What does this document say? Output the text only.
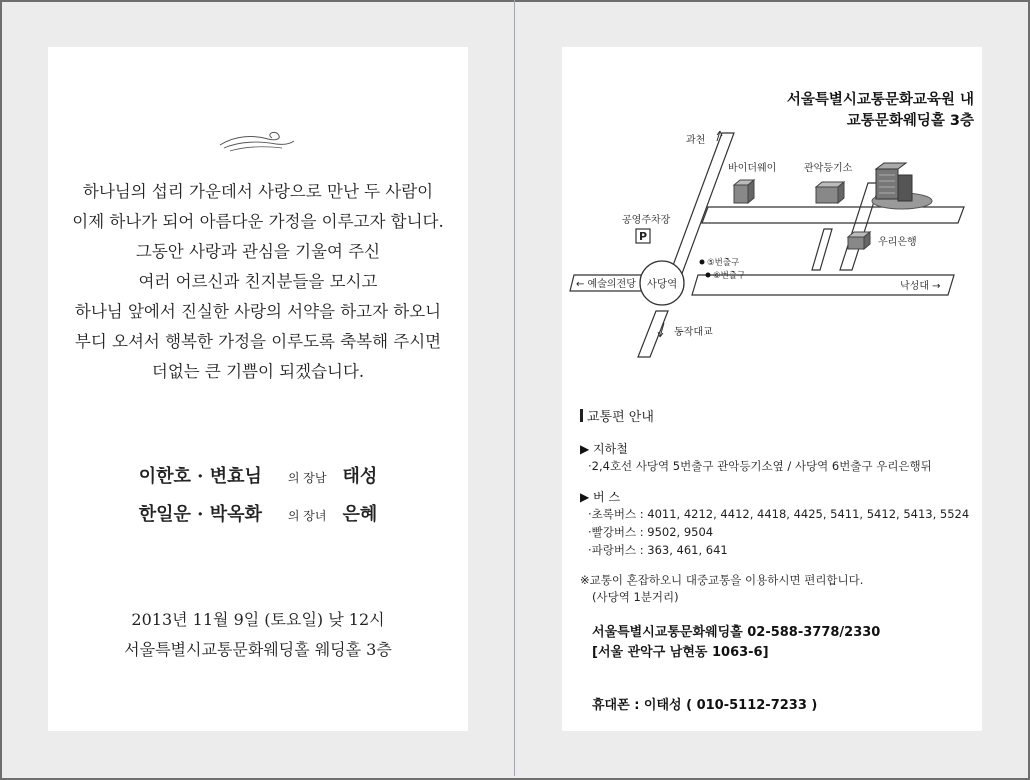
하나님의 섭리 가운데서 사랑으로 만난 두 사람이
이제 하나가 되어 아름다운 가정을 이루고자 합니다.
그동안 사랑과 관심을 기울여 주신
여러 어르신과 친지분들을 모시고
하나님 앞에서 진실한 사랑의 서약을 하고자 하오니
부디 오셔서 행복한 가정을 이루도록 축복해 주시면
더없는 큰 기쁨이 되겠습니다.
이한호 · 변효님 의 장남 태성
한일운 · 박옥화 의 장녀 은혜
2013년 11월 9일 (토요일) 낮 12시
서울특별시교통문화웨딩홀 웨딩홀 3층
서울특별시교통문화교육원 내
교통문화웨딩홀 3층
사당역
과천
동작대교
바이더웨이	관악등기소
우리은행
공영주차장
P
⑤번출구
⑥번출구
← 예술의전당	낙성대 →
교통편 안내
▶ 지하철
·2,4호선 사당역 5번출구 관악등기소옆 / 사당역 6번출구 우리은행뒤
▶ 버 스
·초록버스 : 4011, 4212, 4412, 4418, 4425, 5411, 5412, 5413, 5524
·빨강버스 : 9502, 9504
·파랑버스 : 363, 461, 641
※교통이 혼잡하오니 대중교통을 이용하시면 편리합니다.
(사당역 1분거리)
서울특별시교통문화웨딩홀 02-588-3778/2330
[서울 관악구 남현동 1063-6]
휴대폰 : 이태성 ( 010-5112-7233 )
